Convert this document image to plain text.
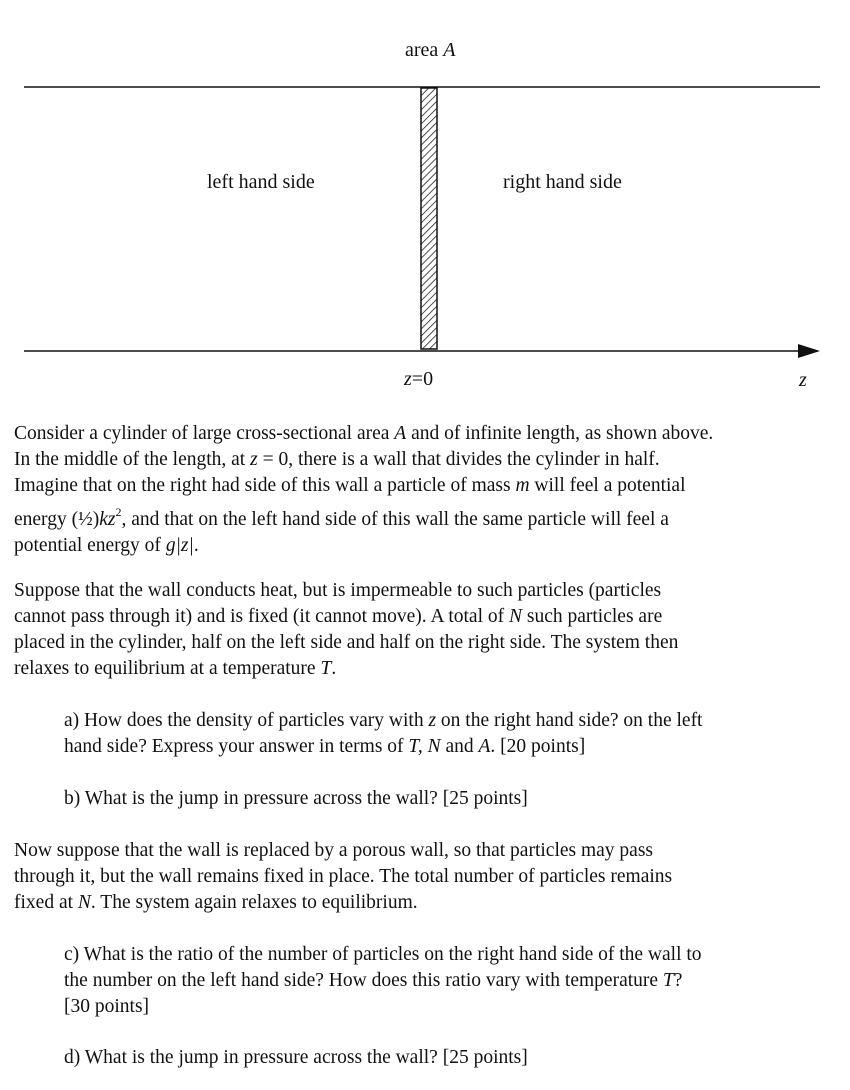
area A
left hand side	right hand side
z=0	z
Consider a cylinder of large cross-sectional area A and of infinite length, as shown above.
In the middle of the length, at z = 0, there is a wall that divides the cylinder in half.
Imagine that on the right had side of this wall a particle of mass m will feel a potential
energy $(\frac{1}{2})kz^2$, and that on the left hand side of this wall the same particle will feel a
potential energy of g|z|.
Suppose that the wall conducts heat, but is impermeable to such particles (particles
cannot pass through it) and is fixed (it cannot move). A total of N such particles are
placed in the cylinder, half on the left side and half on the right side. The system then
relaxes to equilibrium at a temperature T.
a) How does the density of particles vary with z on the right hand side? on the left
hand side? Express your answer in terms of T, N and A. [20 points]
b) What is the jump in pressure across the wall? [25 points]
Now suppose that the wall is replaced by a porous wall, so that particles may pass
through it, but the wall remains fixed in place. The total number of particles remains
fixed at N. The system again relaxes to equilibrium.
c) What is the ratio of the number of particles on the right hand side of the wall to
the number on the left hand side? How does this ratio vary with temperature T?
[30 points]
d) What is the jump in pressure across the wall? [25 points]
